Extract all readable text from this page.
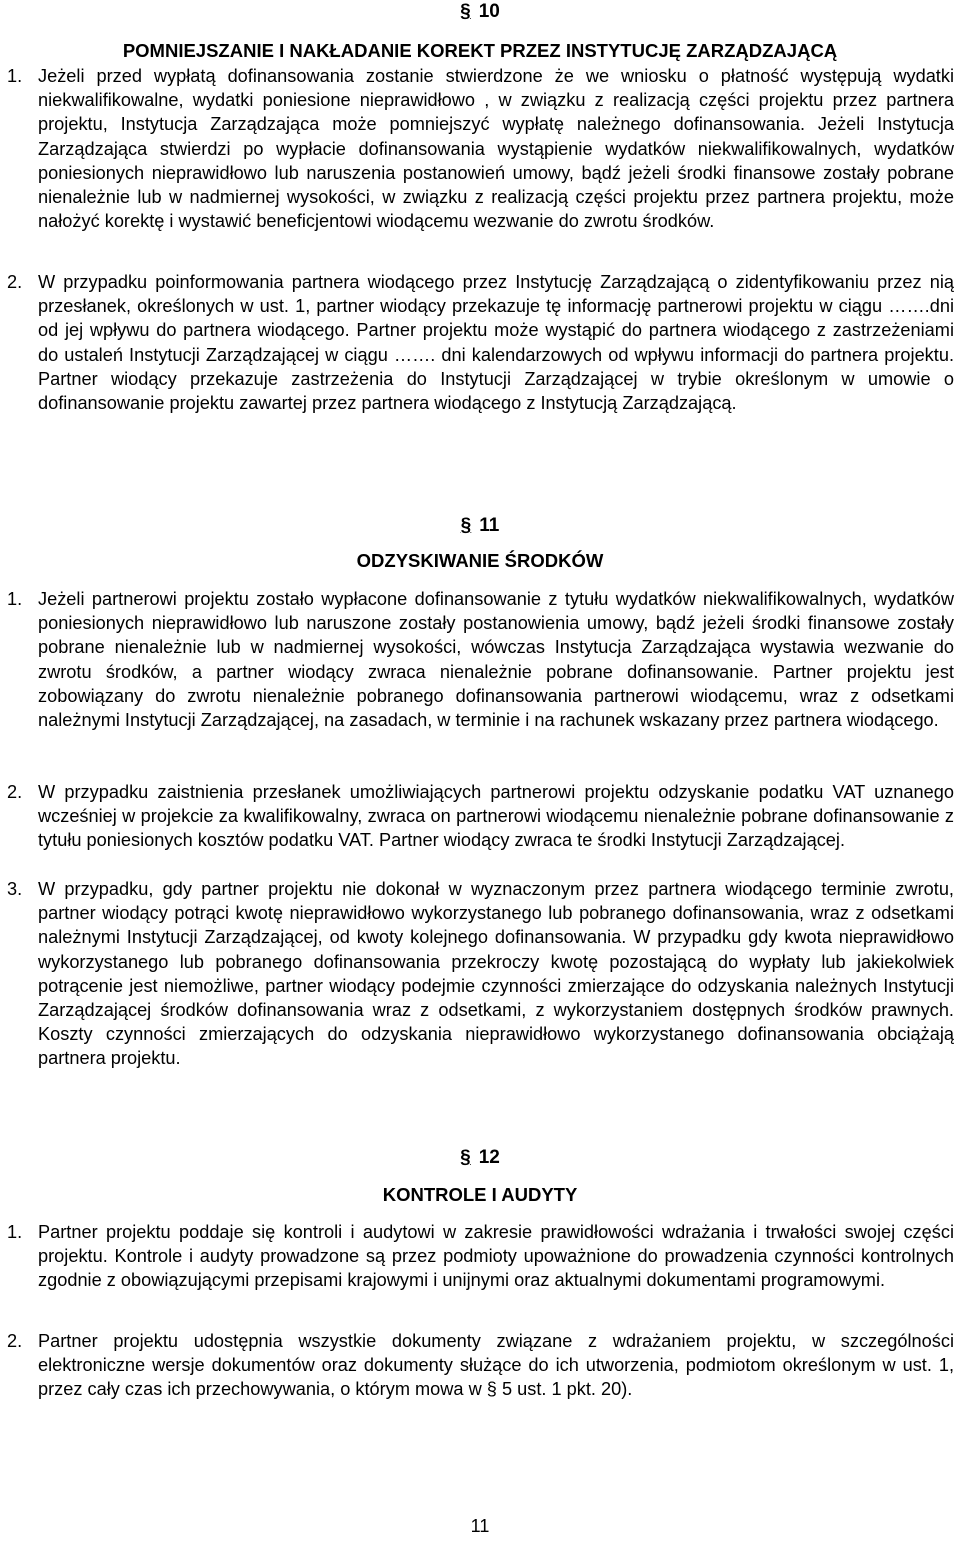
§ 10
POMNIEJSZANIE I NAKŁADANIE KOREKT PRZEZ INSTYTUCJĘ ZARZĄDZAJĄCĄ
1. Jeżeli przed wypłatą dofinansowania zostanie stwierdzone że we wniosku o płatność występują wydatki niekwalifikowalne, wydatki poniesione nieprawidłowo , w związku z realizacją części projektu przez partnera projektu, Instytucja Zarządzająca może pomniejszyć wypłatę należnego dofinansowania. Jeżeli Instytucja Zarządzająca stwierdzi po wypłacie dofinansowania wystąpienie wydatków niekwalifikowalnych, wydatków poniesionych nieprawidłowo lub naruszenia postanowień umowy, bądź jeżeli środki finansowe zostały pobrane nienależnie lub w nadmiernej wysokości, w związku z realizacją części projektu przez partnera projektu, może nałożyć korektę i wystawić beneficjentowi wiodącemu wezwanie do zwrotu środków.

2. W przypadku poinformowania partnera wiodącego przez Instytucję Zarządzającą o zidentyfikowaniu przez nią przesłanek, określonych w ust. 1, partner wiodący przekazuje tę informację partnerowi projektu w ciągu …….dni od jej wpływu do partnera wiodącego. Partner projektu może wystąpić do partnera wiodącego z zastrzeżeniami do ustaleń Instytucji Zarządzającej w ciągu ……. dni kalendarzowych od wpływu informacji do partnera projektu. Partner wiodący przekazuje zastrzeżenia do Instytucji Zarządzającej w trybie określonym w umowie o dofinansowanie projektu zawartej przez partnera wiodącego z Instytucją Zarządzającą.

§ 11
ODZYSKIWANIE ŚRODKÓW
1. Jeżeli partnerowi projektu zostało wypłacone dofinansowanie z tytułu wydatków niekwalifikowalnych, wydatków poniesionych nieprawidłowo lub naruszone zostały postanowienia umowy, bądź jeżeli środki finansowe zostały pobrane nienależnie lub w nadmiernej wysokości, wówczas Instytucja Zarządzająca wystawia wezwanie do zwrotu środków, a partner wiodący zwraca nienależnie pobrane dofinansowanie. Partner projektu jest zobowiązany do zwrotu nienależnie pobranego dofinansowania partnerowi wiodącemu, wraz z odsetkami należnymi Instytucji Zarządzającej, na zasadach, w terminie i na rachunek wskazany przez partnera wiodącego.

2. W przypadku zaistnienia przesłanek umożliwiających partnerowi projektu odzyskanie podatku VAT uznanego wcześniej w projekcie za kwalifikowalny, zwraca on partnerowi wiodącemu nienależnie pobrane dofinansowanie z tytułu poniesionych kosztów podatku VAT. Partner wiodący zwraca te środki Instytucji Zarządzającej.

3. W przypadku, gdy partner projektu nie dokonał w wyznaczonym przez partnera wiodącego terminie zwrotu, partner wiodący potrąci kwotę nieprawidłowo wykorzystanego lub pobranego dofinansowania, wraz z odsetkami należnymi Instytucji Zarządzającej, od kwoty kolejnego dofinansowania. W przypadku gdy kwota nieprawidłowo wykorzystanego lub pobranego dofinansowania przekroczy kwotę pozostającą do wypłaty lub jakiekolwiek potrącenie jest niemożliwe, partner wiodący podejmie czynności zmierzające do odzyskania należnych Instytucji Zarządzającej środków dofinansowania wraz z odsetkami, z wykorzystaniem dostępnych środków prawnych. Koszty czynności zmierzających do odzyskania nieprawidłowo wykorzystanego dofinansowania obciążają partnera projektu.

§ 12
KONTROLE I AUDYTY
1. Partner projektu poddaje się kontroli i audytowi w zakresie prawidłowości wdrażania i trwałości swojej części projektu. Kontrole i audyty prowadzone są przez podmioty upoważnione do prowadzenia czynności kontrolnych zgodnie z obowiązującymi przepisami krajowymi i unijnymi oraz aktualnymi dokumentami programowymi.

2. Partner projektu udostępnia wszystkie dokumenty związane z wdrażaniem projektu, w szczególności elektroniczne wersje dokumentów oraz dokumenty służące do ich utworzenia, podmiotom określonym w ust. 1, przez cały czas ich przechowywania, o którym mowa w § 5 ust. 1 pkt. 20).

11
